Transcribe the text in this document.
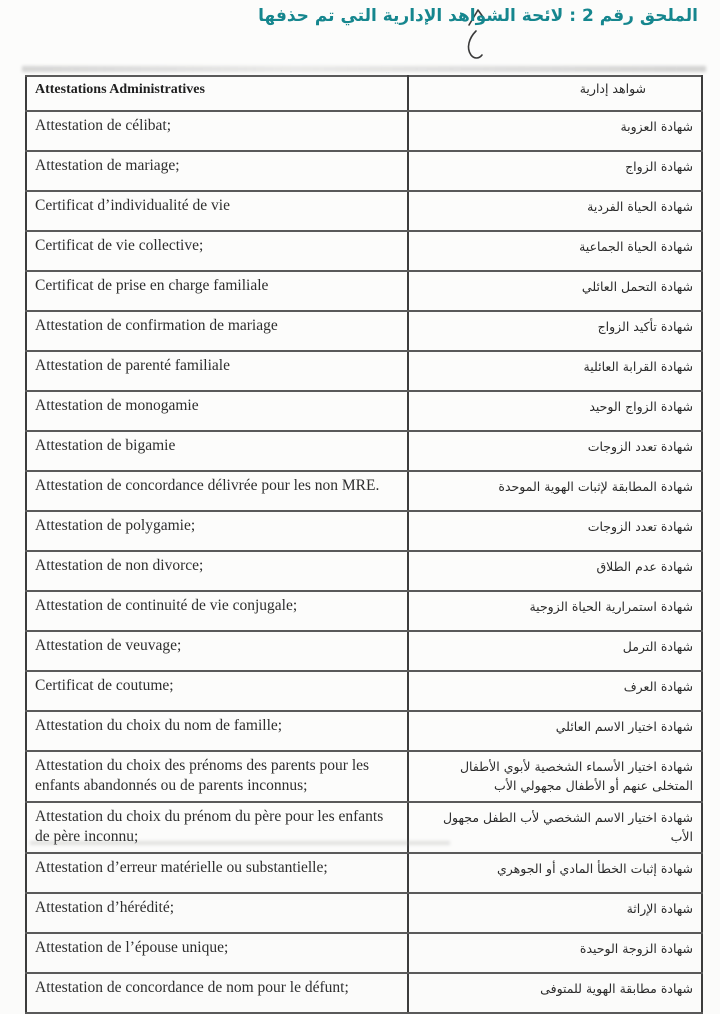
الملحق رقم 2 : لائحة الشواهد الإدارية التي تم حذفها
Attestations Administratives	شواهد إدارية
Attestation de célibat;	شهادة العزوبة
Attestation de mariage;	شهادة الزواج
Certificat d’individualité de vie	شهادة الحياة الفردية
Certificat de vie collective;	شهادة الحياة الجماعية
Certificat de prise en charge familiale	شهادة التحمل العائلي
Attestation de confirmation de mariage	شهادة تأكيد الزواج
Attestation de parenté familiale	شهادة القرابة العائلية
Attestation de monogamie	شهادة الزواج الوحيد
Attestation de bigamie	شهادة تعدد الزوجات
Attestation de concordance délivrée pour les non MRE.	شهادة المطابقة لإثبات الهوية الموحدة
Attestation de polygamie;	شهادة تعدد الزوجات
Attestation de non divorce;	شهادة عدم الطلاق
Attestation de continuité de vie conjugale;	شهادة استمرارية الحياة الزوجية
Attestation de veuvage;	شهادة الترمل
Certificat de coutume;	شهادة العرف
Attestation du choix du nom de famille;	شهادة اختيار الاسم العائلي
Attestation du choix des prénoms des parents pour les enfants abandonnés ou de parents inconnus;	شهادة اختيار الأسماء الشخصية لأبوي الأطفال المتخلى عنهم أو الأطفال مجهولي الأب
Attestation du choix du prénom du père pour les enfants de père inconnu;	شهادة اختيار الاسم الشخصي لأب الطفل مجهول الأب
Attestation d’erreur matérielle ou substantielle;	شهادة إثبات الخطأ المادي أو الجوهري
Attestation d’hérédité;	شهادة الإراثة
Attestation de l’épouse unique;	شهادة الزوجة الوحيدة
Attestation de concordance de nom pour le défunt;	شهادة مطابقة الهوية للمتوفى
